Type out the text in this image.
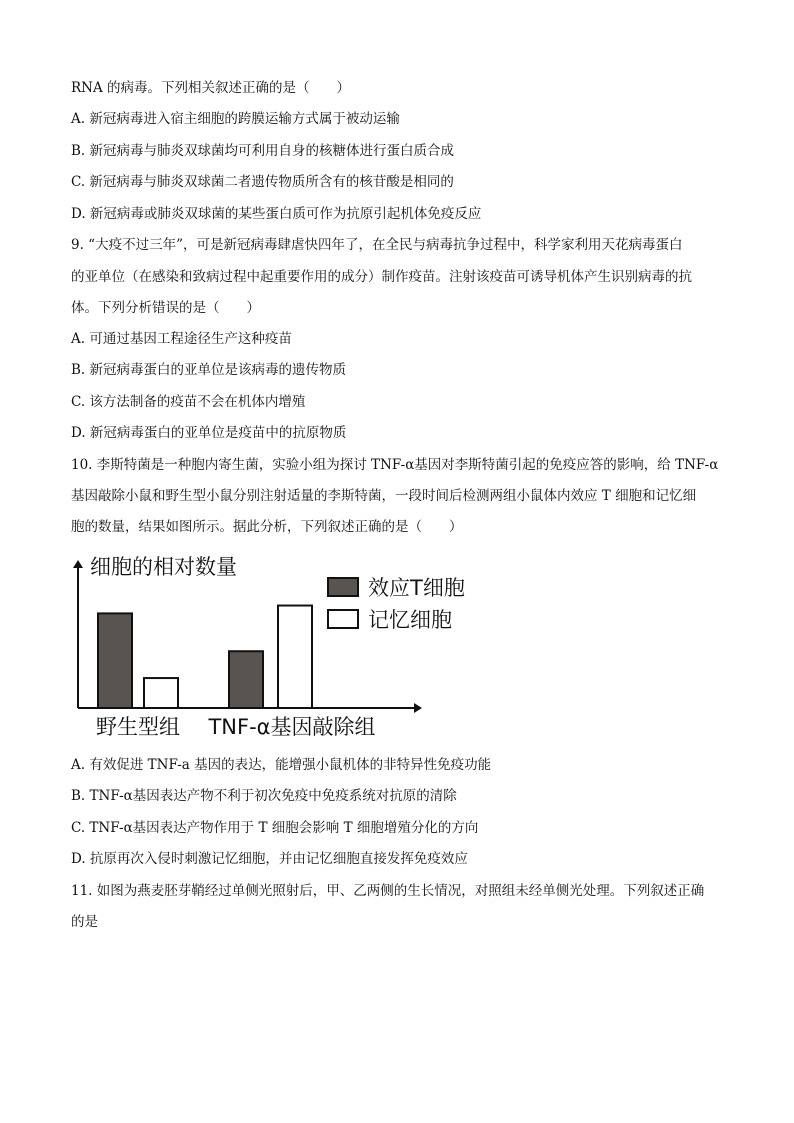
RNA 的病毒。下列相关叙述正确的是（　　）
A. 新冠病毒进入宿主细胞的跨膜运输方式属于被动运输
B. 新冠病毒与肺炎双球菌均可利用自身的核糖体进行蛋白质合成
C. 新冠病毒与肺炎双球菌二者遗传物质所含有的核苷酸是相同的
D. 新冠病毒或肺炎双球菌的某些蛋白质可作为抗原引起机体免疫反应
9. “大疫不过三年”，可是新冠病毒肆虐快四年了，在全民与病毒抗争过程中，科学家利用天花病毒蛋白
的亚单位（在感染和致病过程中起重要作用的成分）制作疫苗。注射该疫苗可诱导机体产生识别病毒的抗
体。下列分析错误的是（　　）
A. 可通过基因工程途径生产这种疫苗
B. 新冠病毒蛋白的亚单位是该病毒的遗传物质
C. 该方法制备的疫苗不会在机体内增殖
D. 新冠病毒蛋白的亚单位是疫苗中的抗原物质
10. 李斯特菌是一种胞内寄生菌，实验小组为探讨 TNF-α基因对李斯特菌引起的免疫应答的影响，给 TNF-α
基因敲除小鼠和野生型小鼠分别注射适量的李斯特菌，一段时间后检测两组小鼠体内效应 T 细胞和记忆细
胞的数量，结果如图所示。据此分析，下列叙述正确的是（　　）
效应T细胞
记忆细胞
细胞的相对数量
野生型组 TNF-α基因敲除组
A. 有效促进 TNF-a 基因的表达，能增强小鼠机体的非特异性免疫功能
B. TNF-α基因表达产物不利于初次免疫中免疫系统对抗原的清除
C. TNF-α基因表达产物作用于 T 细胞会影响 T 细胞增殖分化的方向
D. 抗原再次入侵时刺激记忆细胞，并由记忆细胞直接发挥免疫效应
11. 如图为燕麦胚芽鞘经过单侧光照射后，甲、乙两侧的生长情况，对照组未经单侧光处理。下列叙述正确
的是
